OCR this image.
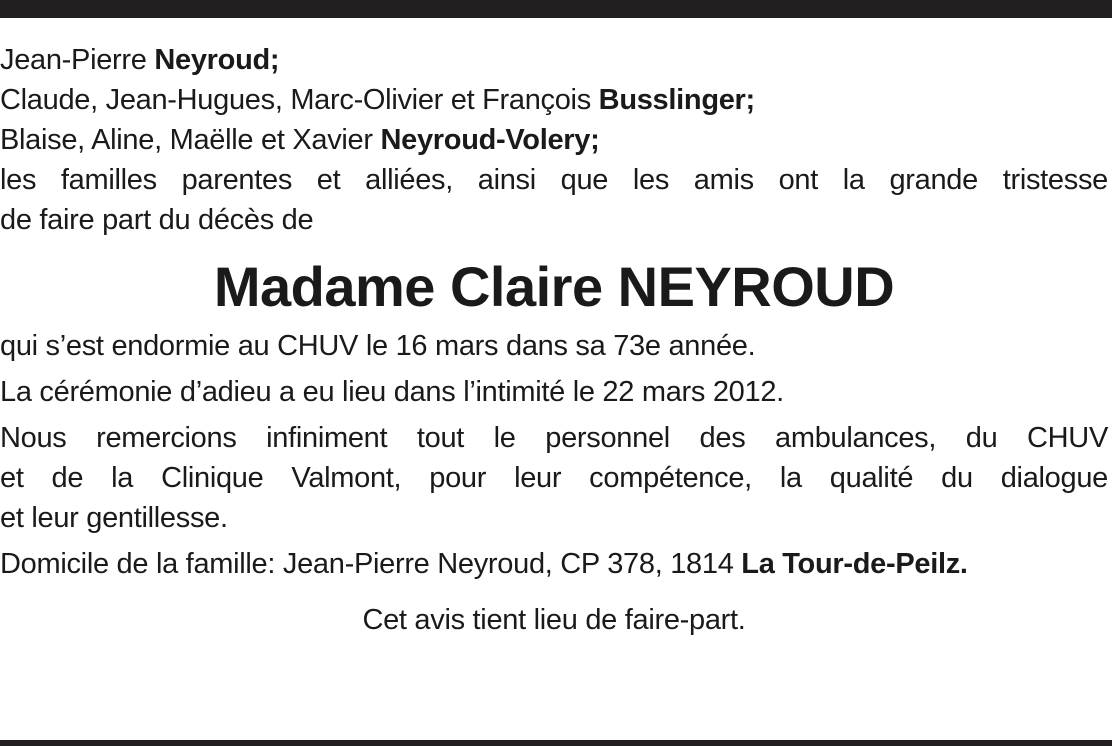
Jean-Pierre Neyroud;
Claude, Jean-Hugues, Marc-Olivier et François Busslinger;
Blaise, Aline, Maëlle et Xavier Neyroud-Volery;
les familles parentes et alliées, ainsi que les amis ont la grande tristesse
de faire part du décès de
Madame Claire NEYROUD
qui s’est endormie au CHUV le 16 mars dans sa 73e année.
La cérémonie d’adieu a eu lieu dans l’intimité le 22 mars 2012.
Nous remercions infiniment tout le personnel des ambulances, du CHUV
et de la Clinique Valmont, pour leur compétence, la qualité du dialogue
et leur gentillesse.
Domicile de la famille: Jean-Pierre Neyroud, CP 378, 1814 La Tour-de-Peilz.
Cet avis tient lieu de faire-part.
